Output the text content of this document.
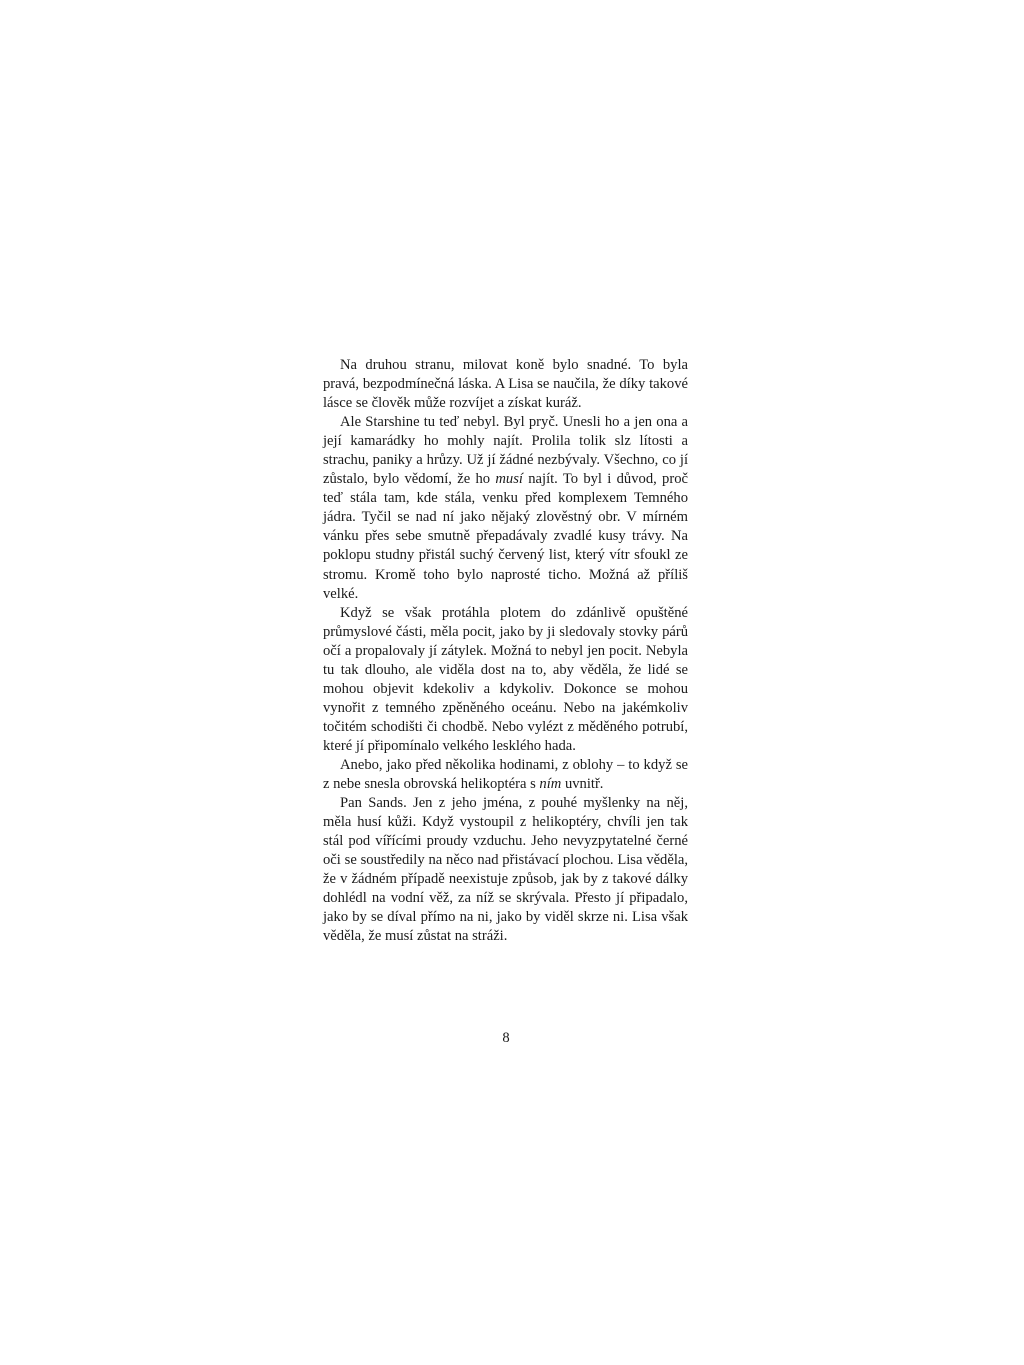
Na druhou stranu, milovat koně bylo snadné. To byla pravá, bezpodmínečná láska. A Lisa se naučila, že díky takové lásce se člověk může rozvíjet a získat kuráž.

Ale Starshine tu teď nebyl. Byl pryč. Unesli ho a jen ona a její kamarádky ho mohly najít. Prolila tolik slz lítosti a strachu, paniky a hrůzy. Už jí žádné nezbývaly. Všechno, co jí zůstalo, bylo vědomí, že ho musí najít. To byl i důvod, proč teď stála tam, kde stála, venku před komplexem Temného jádra. Tyčil se nad ní jako nějaký zlověstný obr. V mírném vánku přes sebe smutně přepadávaly zvadlé kusy trávy. Na poklopu studny přistál suchý červený list, který vítr sfoukl ze stromu. Kromě toho bylo naprosté ticho. Možná až příliš velké.

Když se však protáhla plotem do zdánlivě opuštěné průmyslové části, měla pocit, jako by ji sledovaly stovky párů očí a propalovaly jí zátylek. Možná to nebyl jen pocit. Nebyla tu tak dlouho, ale viděla dost na to, aby věděla, že lidé se mohou objevit kdekoliv a kdykoliv. Dokonce se mohou vynořit z temného zpěněného oceánu. Nebo na jakémkoliv točitém schodišti či chodbě. Nebo vylézt z měděného potrubí, které jí připomínalo velkého lesklého hada.

Anebo, jako před několika hodinami, z oblohy – to když se z nebe snesla obrovská helikoptéra s ním uvnitř.

Pan Sands. Jen z jeho jména, z pouhé myšlenky na něj, měla husí kůži. Když vystoupil z helikoptéry, chvíli jen tak stál pod vířícími proudy vzduchu. Jeho nevyzpytatelné černé oči se soustředily na něco nad přistávací plochou. Lisa věděla, že v žádném případě neexistuje způsob, jak by z takové dálky dohlédl na vodní věž, za níž se skrývala. Přesto jí připadalo, jako by se díval přímo na ni, jako by viděl skrze ni. Lisa však věděla, že musí zůstat na stráži.

8
